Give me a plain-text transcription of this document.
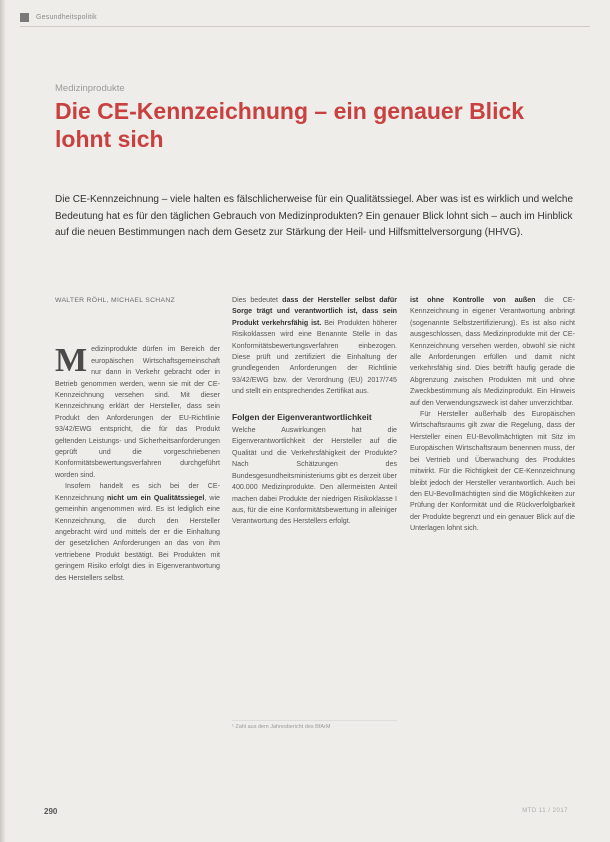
Gesundheitspolitik
Medizinprodukte
Die CE-Kennzeichnung – ein genauer Blick lohnt sich

Die CE-Kennzeichnung – viele halten es fälschlicherweise für ein Qualitätssiegel. Aber was ist es wirklich und welche Bedeutung hat es für den täglichen Gebrauch von Medizinprodukten? Ein genauer Blick lohnt sich – auch im Hinblick auf die neuen Bestimmungen nach dem Gesetz zur Stärkung der Heil- und Hilfsmittelversorgung (HHVG).

WALTER RÖHL, MICHAEL SCHANZ

Medizinprodukte dürfen im Bereich der europäischen Wirtschaftsgemeinschaft nur dann in Verkehr gebracht oder in Betrieb genommen werden, wenn sie mit der CE-Kennzeichnung versehen sind. Mit dieser Kennzeichnung erklärt der Hersteller, dass sein Produkt den Anforderungen der EU-Richtlinie 93/42/EWG entspricht, die für das Produkt geltenden Leistungs- und Sicherheitsanforderungen geprüft und die vorgeschriebenen Konformitätsbewertungsverfahren durchgeführt worden sind.

Insofern handelt es sich bei der CE-Kennzeichnung nicht um ein Qualitätssiegel, wie gemeinhin angenommen wird. Es ist lediglich eine Kennzeichnung, die durch den Hersteller angebracht wird und mittels der er die Einhaltung der gesetzlichen Anforderungen an das von ihm vertriebene Produkt bestätigt. Bei Produkten mit geringem Risiko erfolgt dies in Eigenverantwortung des Herstellers selbst.

Dies bedeutet dass der Hersteller selbst dafür Sorge trägt und verantwortlich ist, dass sein Produkt verkehrsfähig ist. Bei Produkten höherer Risikoklassen wird eine Benannte Stelle in das Konformitätsbewertungsverfahren einbezogen. Diese prüft und zertifiziert die Einhaltung der grundlegenden Anforderungen der Richtlinie 93/42/EWG bzw. der Verordnung (EU) 2017/745 und stellt ein entsprechendes Zertifikat aus.

Folgen der Eigenverantwortlichkeit

Welche Auswirkungen hat die Eigenverantwortlichkeit der Hersteller auf die Qualität und die Verkehrsfähigkeit der Produkte? Nach Schätzungen des Bundesgesundheitsministeriums gibt es derzeit über 400.000 Medizinprodukte. Den allermeisten Anteil machen dabei Produkte der niedrigen Risikoklasse I aus, für die eine Konformitätsbewertung in alleiniger Verantwortung des Herstellers erfolgt.

¹ Zahl aus dem Jahresbericht des BfArM

ist ohne Kontrolle von außen die CE-Kennzeichnung in eigener Verantwortung anbringt (sogenannte Selbstzertifizierung). Es ist also nicht ausgeschlossen, dass Medizinprodukte mit der CE-Kennzeichnung versehen werden, obwohl sie nicht alle Anforderungen erfüllen und damit nicht verkehrsfähig sind. Dies betrifft häufig gerade die Abgrenzung zwischen Produkten mit und ohne Zweckbestimmung als Medizinprodukt. Ein Hinweis auf den Verwendungszweck ist daher unverzichtbar.

Für Hersteller außerhalb des Europäischen Wirtschaftsraums gilt zwar die Regelung, dass der Hersteller einen EU-Bevollmächtigten mit Sitz im Europäischen Wirtschaftsraum benennen muss, der bei Vertrieb und Überwachung des Produktes mitwirkt. Für die Richtigkeit der CE-Kennzeichnung bleibt jedoch der Hersteller verantwortlich. Auch bei den EU-Bevollmächtigten sind die Möglichkeiten zur Prüfung der Konformität und die Rückverfolgbarkeit der Produkte begrenzt und ein genauer Blick auf die Unterlagen lohnt sich.

290	MTD 11 / 2017
